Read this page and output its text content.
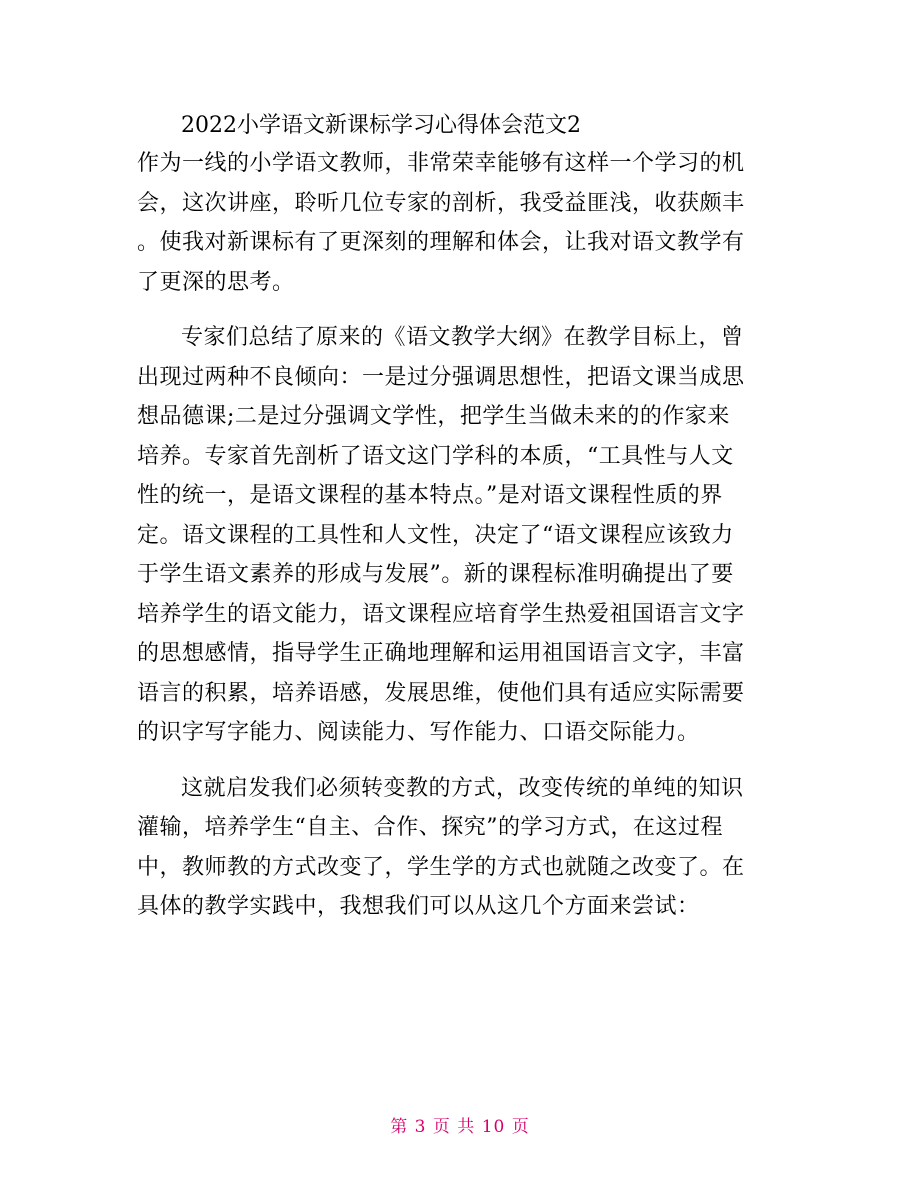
2022小学语文新课标学习心得体会范文2

作为一线的小学语文教师，非常荣幸能够有这样一个学习的机
会，这次讲座，聆听几位专家的剖析，我受益匪浅，收获颇丰
。使我对新课标有了更深刻的理解和体会，让我对语文教学有
了更深的思考。

专家们总结了原来的《语文教学大纲》在教学目标上，曾
出现过两种不良倾向：一是过分强调思想性，把语文课当成思
想品德课;二是过分强调文学性，把学生当做未来的的作家来
培养。专家首先剖析了语文这门学科的本质，“工具性与人文
性的统一，是语文课程的基本特点。”是对语文课程性质的界
定。语文课程的工具性和人文性，决定了“语文课程应该致力
于学生语文素养的形成与发展”。新的课程标准明确提出了要
培养学生的语文能力，语文课程应培育学生热爱祖国语言文字
的思想感情，指导学生正确地理解和运用祖国语言文字，丰富
语言的积累，培养语感，发展思维，使他们具有适应实际需要
的识字写字能力、阅读能力、写作能力、口语交际能力。

这就启发我们必须转变教的方式，改变传统的单纯的知识
灌输，培养学生“自主、合作、探究”的学习方式，在这过程
中，教师教的方式改变了，学生学的方式也就随之改变了。在
具体的教学实践中，我想我们可以从这几个方面来尝试：

第 3 页 共 10 页
